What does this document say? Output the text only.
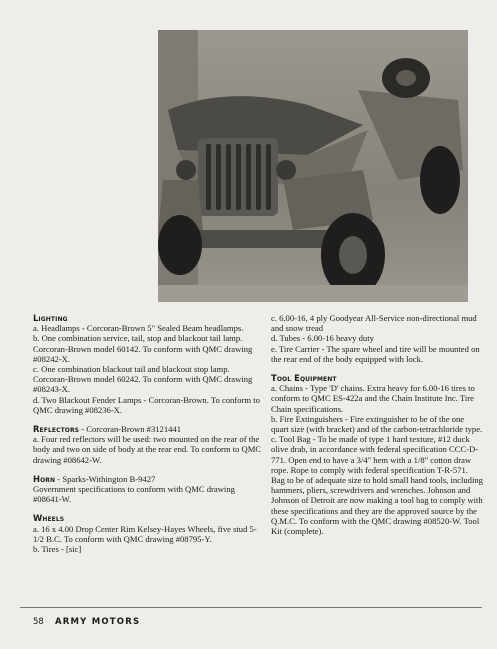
Lighting

a. Headlamps - Corcoran-Brown 5" Sealed Beam headlamps.

b. One combination service, tail, stop and blackout tail lamp. Corcoran-Brown model 60142. To conform with QMC drawing #08242-X.

c. One combination blackout tail and blackout stop lamp. Corcoran-Brown model 60242. To conform with QMC drawing #08243-X.

d. Two Blackout Fender Lamps - Corcoran-Brown. To conform to QMC drawing #08236-X.

Reflectors - Corcoran-Brown #3121441

a. Four red reflectors will be used: two mounted on the rear of the body and two on side of body at the rear end. To conform to QMC drawing #08642-W.

Horn - Sparks-Withington B-9427

Government specifications to conform with QMC drawing #08641-W.

Wheels

a. 16 x 4.00 Drop Center Rim Kelsey-Hayes Wheels, five stud 5-1/2 B.C. To conform with QMC drawing #08795-Y.

b. Tires - [sic]

c. 6.00-16, 4 ply Goodyear All-Service non-directional mud and snow tread

d. Tubes - 6.00-16 heavy duty

e. Tire Carrier - The spare wheel and tire will be mounted on the rear end of the body equipped with lock.

Tool Equipment

a. Chains - Type 'D' chains. Extra heavy for 6.00-16 tires to conform to QMC ES-422a and the Chain Institute Inc. Tire Chain specifications.

b. Fire Extinguishers - Fire extinguisher to be of the one quart size (with bracket) and of the carbon-tetrachloride type.

c. Tool Bag - To be made of type 1 hard texture, #12 duck olive drab, in accordance with federal specification CCC-D-771. Open end to have a 3/4" hem with a 1/8" cotton draw rope. Rope to comply with federal specification T-R-571. Bag to be of adequate size to hold small hand tools, including hammers, pliers, screwdrivers and wrenches. Johnson and Johnson of Detroit are now making a tool bag to comply with these specifications and they are the approved source by the Q.M.C. To conform with the QMC drawing #08520-W. Tool Kit (complete).

58 ARMY MOTORS
